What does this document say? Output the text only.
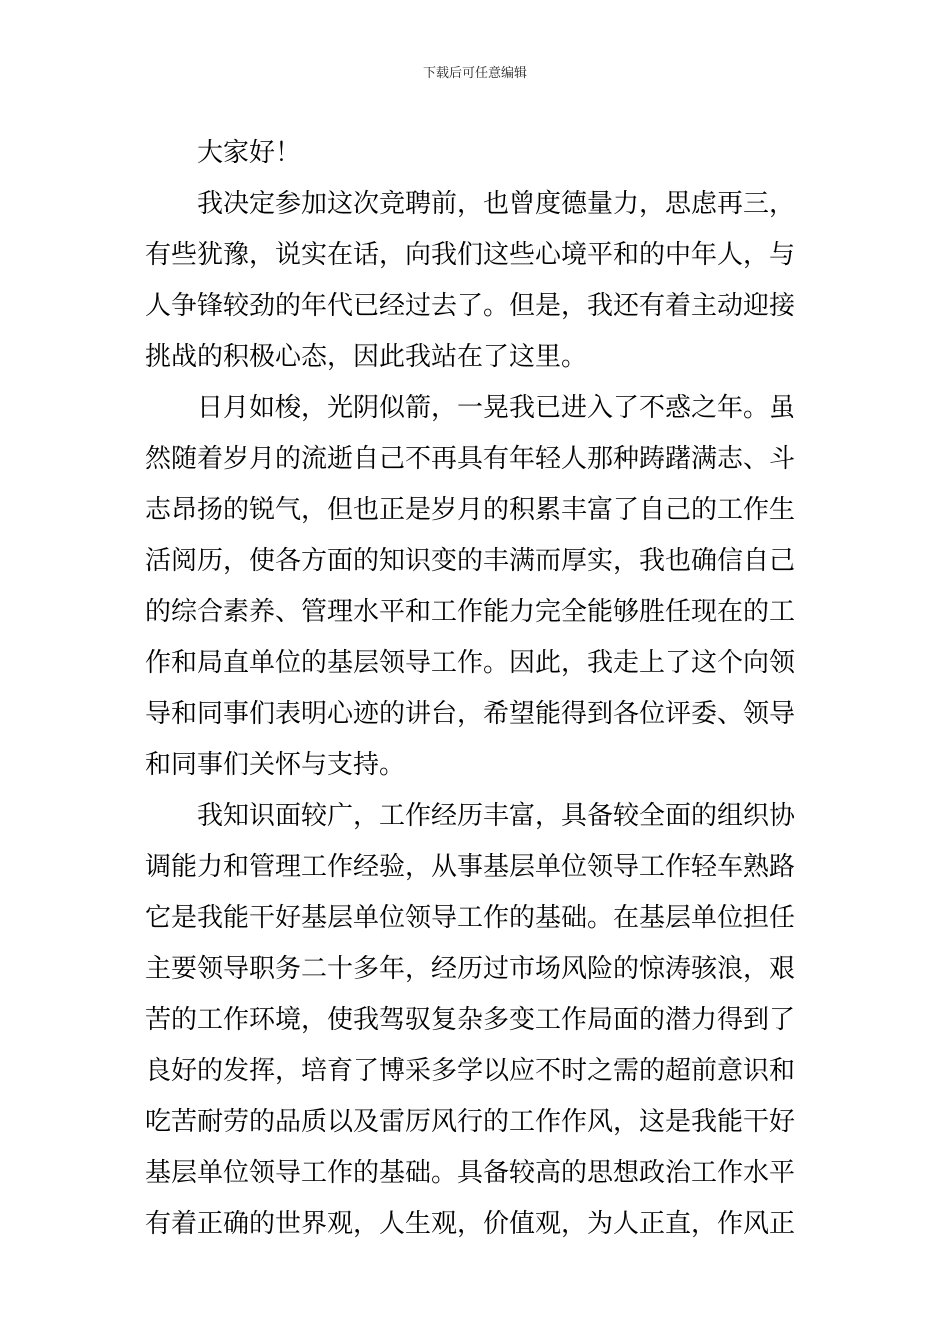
下载后可任意编辑
大家好！
我决定参加这次竞聘前，也曾度德量力，思虑再三，
有些犹豫，说实在话，向我们这些心境平和的中年人，与
人争锋较劲的年代已经过去了。但是，我还有着主动迎接
挑战的积极心态，因此我站在了这里。
日月如梭，光阴似箭，一晃我已进入了不惑之年。虽
然随着岁月的流逝自己不再具有年轻人那种踌躇满志、斗
志昂扬的锐气，但也正是岁月的积累丰富了自己的工作生
活阅历，使各方面的知识变的丰满而厚实，我也确信自己
的综合素养、管理水平和工作能力完全能够胜任现在的工
作和局直单位的基层领导工作。因此，我走上了这个向领
导和同事们表明心迹的讲台，希望能得到各位评委、领导
和同事们关怀与支持。
我知识面较广，工作经历丰富，具备较全面的组织协
调能力和管理工作经验，从事基层单位领导工作轻车熟路
它是我能干好基层单位领导工作的基础。在基层单位担任
主要领导职务二十多年，经历过市场风险的惊涛骇浪，艰
苦的工作环境，使我驾驭复杂多变工作局面的潜力得到了
良好的发挥，培育了博采多学以应不时之需的超前意识和
吃苦耐劳的品质以及雷厉风行的工作作风，这是我能干好
基层单位领导工作的基础。具备较高的思想政治工作水平
有着正确的世界观，人生观，价值观，为人正直，作风正
